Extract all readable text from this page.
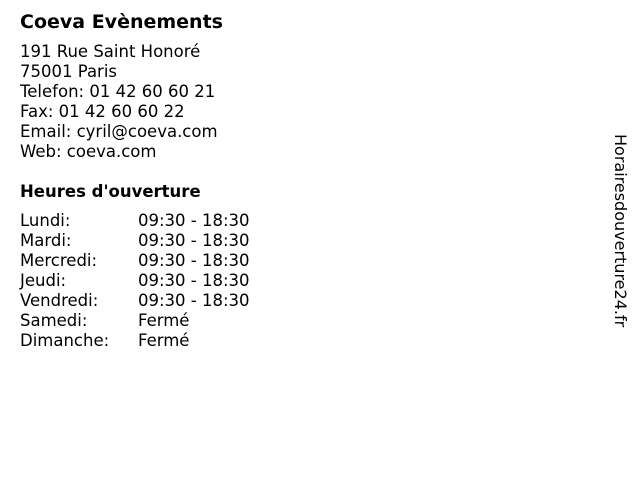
Coeva Evènements
191 Rue Saint Honoré
75001 Paris
Telefon: 01 42 60 60 21
Fax: 01 42 60 60 22
Email: cyril@coeva.com
Web: coeva.com
Heures d'ouverture
Lundi:	09:30 - 18:30
Mardi:	09:30 - 18:30
Mercredi:	09:30 - 18:30
Jeudi:	09:30 - 18:30
Vendredi:	09:30 - 18:30
Samedi:	Fermé
Dimanche:	Fermé
Horairesdouverture24.fr
